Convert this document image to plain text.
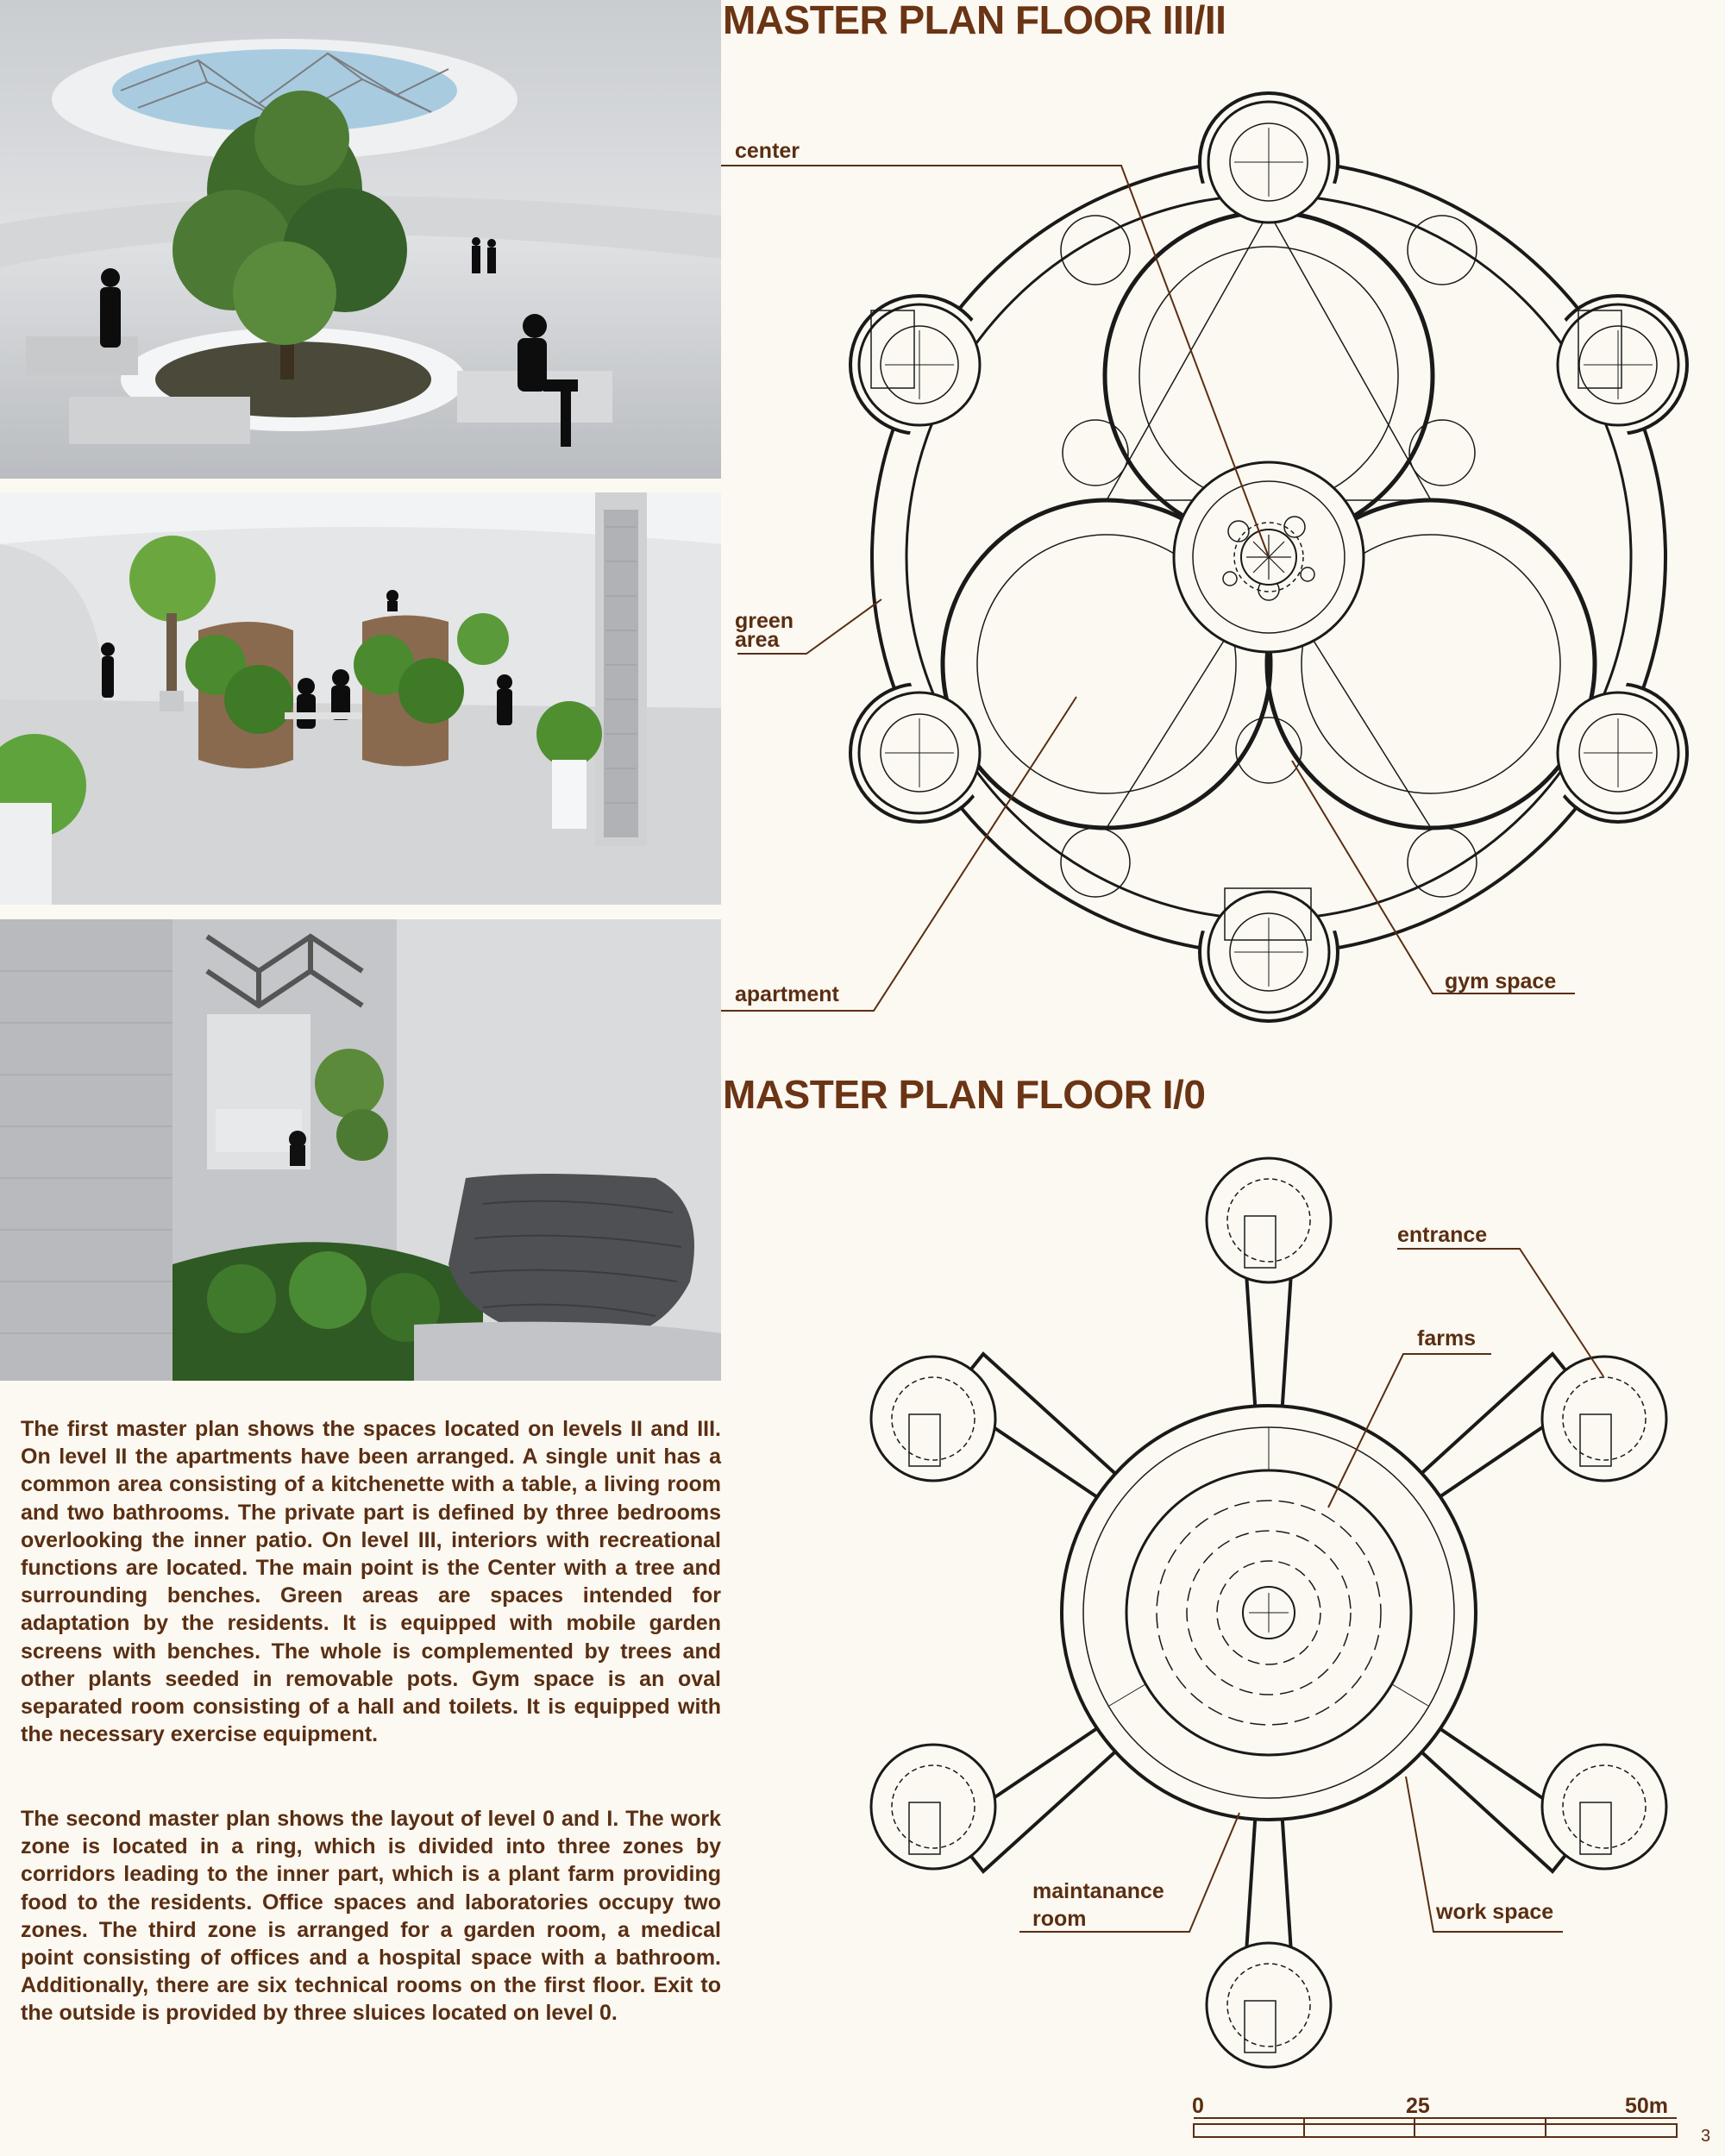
MASTER PLAN FLOOR III/II
MASTER PLAN FLOOR I/0

The first master plan shows the spaces located on levels II and III. On level II the apartments have been arranged. A single unit has a common area consisting of a kitchenette with a table, a living room and two bathrooms. The private part is defined by three bedrooms overlooking the inner patio. On level III, interiors with recreational functions are located. The main point is the Center with a tree and surrounding benches. Green areas are spaces intended for adaptation by the residents. It is equipped with mobile garden screens with benches. The whole is complemented by trees and other plants seeded in removable pots. Gym space is an oval separated room consisting of a hall and toilets. It is equipped with the necessary exercise equipment.

The second master plan shows the layout of level 0 and I. The work zone is located in a ring, which is divided into three zones by corridors leading to the inner part, which is a plant farm providing food to the residents. Office spaces and laboratories occupy two zones. The third zone is arranged for a garden room, a medical point consisting of offices and a hospital space with a bathroom. Additionally, there are six technical rooms on the first floor. Exit to the outside is provided by three sluices located on level 0.

center
green
area
apartment
gym space
entrance
farms
maintanance
room	work space
0	25	50m
3
